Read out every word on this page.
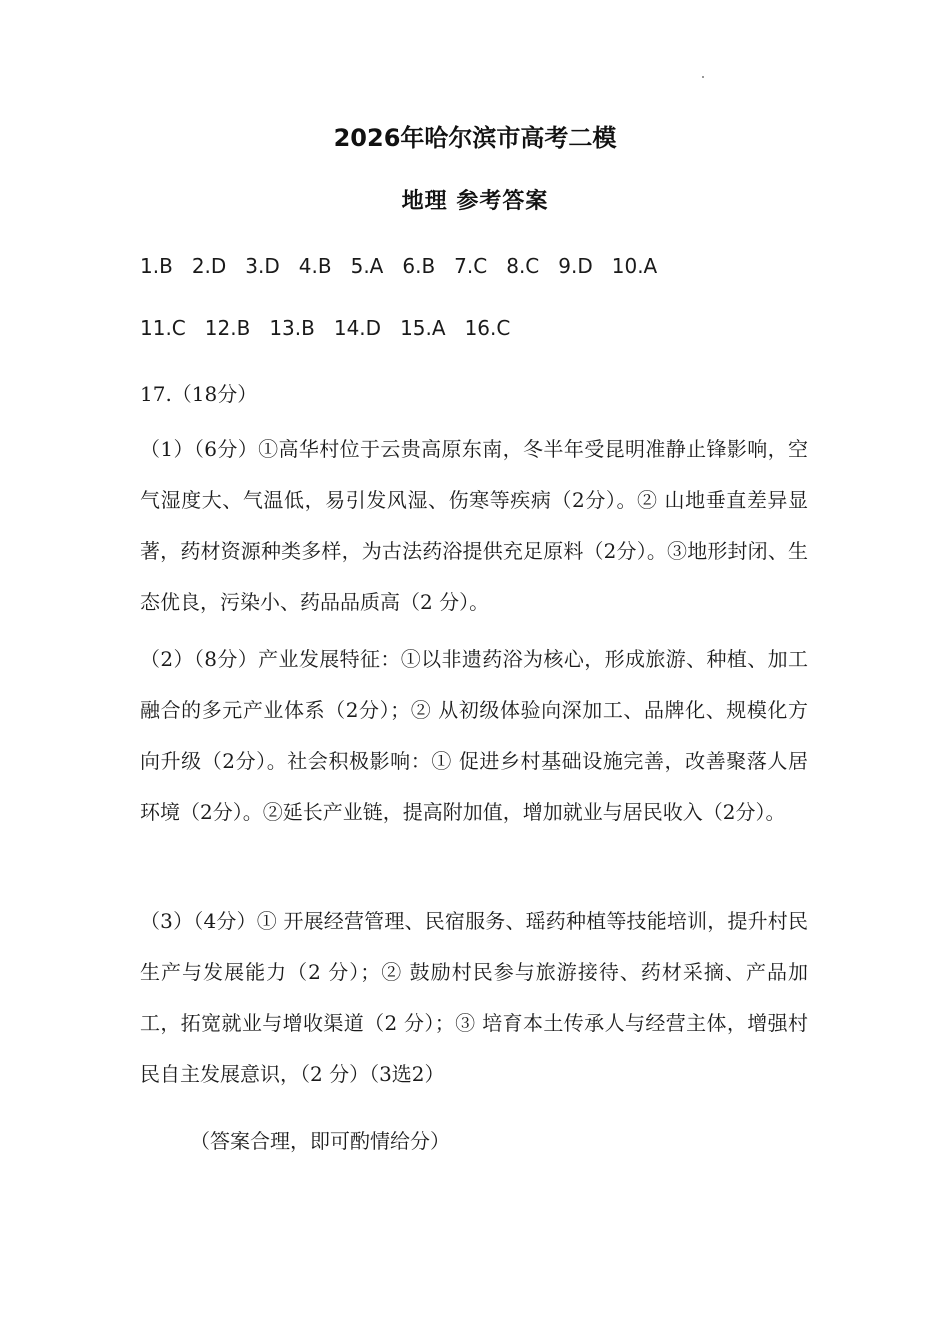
2026年哈尔滨市高考二模
地理 参考答案
1.B 2.D 3.D 4.B 5.A 6.B 7.C 8.C 9.D 10.A
11.C 12.B 13.B 14.D 15.A 16.C
17.（18分）
（1）（6分）①高华村位于云贵高原东南，冬半年受昆明准静止锋影响，空气湿度大、气温低，易引发风湿、伤寒等疾病（2分）。② 山地垂直差异显著，药材资源种类多样，为古法药浴提供充足原料（2分）。③地形封闭、生态优良，污染小、药品品质高（2 分）。
（2）（8分）产业发展特征：①以非遗药浴为核心，形成旅游、种植、加工融合的多元产业体系（2分）；② 从初级体验向深加工、品牌化、规模化方向升级（2分）。社会积极影响：① 促进乡村基础设施完善，改善聚落人居环境（2分）。②延长产业链，提高附加值，增加就业与居民收入（2分）。
（3）（4分）① 开展经营管理、民宿服务、瑶药种植等技能培训，提升村民生产与发展能力（2 分）；② 鼓励村民参与旅游接待、药材采摘、产品加工，拓宽就业与增收渠道（2 分）；③ 培育本土传承人与经营主体，增强村民自主发展意识，（2 分）（3选2）
（答案合理，即可酌情给分）
